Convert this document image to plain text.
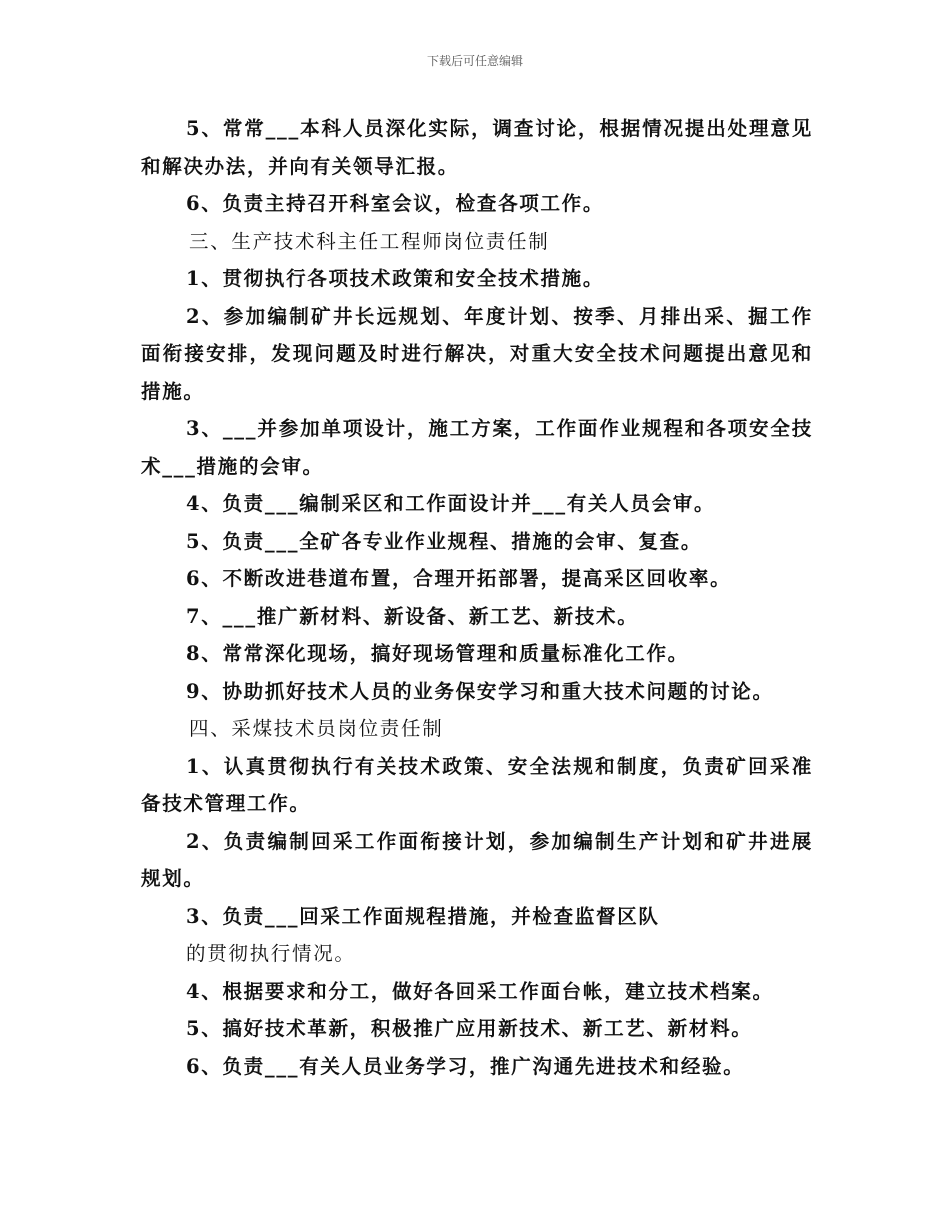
下载后可任意编辑

5、常常___本科人员深化实际，调查讨论，根据情况提出处理意见和解决办法，并向有关领导汇报。

6、负责主持召开科室会议，检查各项工作。

三、生产技术科主任工程师岗位责任制

1、贯彻执行各项技术政策和安全技术措施。

2、参加编制矿井长远规划、年度计划、按季、月排出采、掘工作面衔接安排，发现问题及时进行解决，对重大安全技术问题提出意见和措施。

3、___并参加单项设计，施工方案，工作面作业规程和各项安全技术___措施的会审。

4、负责___编制采区和工作面设计并___有关人员会审。

5、负责___全矿各专业作业规程、措施的会审、复查。

6、不断改进巷道布置，合理开拓部署，提高采区回收率。

7、___推广新材料、新设备、新工艺、新技术。

8、常常深化现场，搞好现场管理和质量标准化工作。

9、协助抓好技术人员的业务保安学习和重大技术问题的讨论。

四、采煤技术员岗位责任制

1、认真贯彻执行有关技术政策、安全法规和制度，负责矿回采准备技术管理工作。

2、负责编制回采工作面衔接计划，参加编制生产计划和矿井进展规划。

3、负责___回采工作面规程措施，并检查监督区队

的贯彻执行情况。

4、根据要求和分工，做好各回采工作面台帐，建立技术档案。

5、搞好技术革新，积极推广应用新技术、新工艺、新材料。

6、负责___有关人员业务学习，推广沟通先进技术和经验。
